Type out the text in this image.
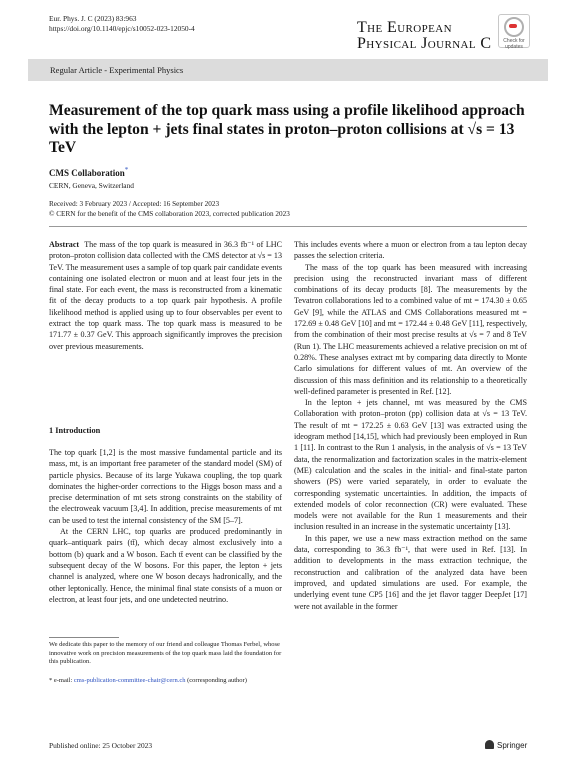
Eur. Phys. J. C (2023) 83:963
https://doi.org/10.1140/epjc/s10052-023-12050-4	The European
Physical Journal C	Check for updates
Regular Article - Experimental Physics
Measurement of the top quark mass using a profile likelihood approach with the lepton + jets final states in proton–proton collisions at √s = 13 TeV
CMS Collaboration*
CERN, Geneva, Switzerland
Received: 3 February 2023 / Accepted: 16 September 2023
© CERN for the benefit of the CMS collaboration 2023, corrected publication 2023

Abstract The mass of the top quark is measured in 36.3 fb⁻¹ of LHC proton–proton collision data collected with the CMS detector at √s = 13 TeV. The measurement uses a sample of top quark pair candidate events containing one isolated electron or muon and at least four jets in the final state. For each event, the mass is reconstructed from a kinematic fit of the decay products to a top quark pair hypothesis. A profile likelihood method is applied using up to four observables per event to extract the top quark mass. The top quark mass is measured to be 171.77 ± 0.37 GeV. This approach significantly improves the precision over previous measurements.

1 Introduction

The top quark [1,2] is the most massive fundamental particle and its mass, mt, is an important free parameter of the standard model (SM) of particle physics. Because of its large Yukawa coupling, the top quark dominates the higher-order corrections to the Higgs boson mass and a precise determination of mt sets strong constraints on the stability of the electroweak vacuum [3,4]. In addition, precise measurements of mt can be used to test the internal consistency of the SM [5–7].

At the CERN LHC, top quarks are produced predominantly in quark–antiquark pairs (tt̄), which decay almost exclusively into a bottom (b) quark and a W boson. Each tt̄ event can be classified by the subsequent decay of the W bosons. For this paper, the lepton + jets channel is analyzed, where one W boson decays hadronically, and the other leptonically. Hence, the minimal final state consists of a muon or electron, at least four jets, and one undetected neutrino.

We dedicate this paper to the memory of our friend and colleague Thomas Ferbel, whose innovative work on precision measurements of the top quark mass laid the foundation for this publication.
* e-mail: cms-publication-committee-chair@cern.ch (corresponding author)

This includes events where a muon or electron from a tau lepton decay passes the selection criteria.

The mass of the top quark has been measured with increasing precision using the reconstructed invariant mass of different combinations of its decay products [8]. The measurements by the Tevatron collaborations led to a combined value of mt = 174.30 ± 0.65 GeV [9], while the ATLAS and CMS Collaborations measured mt = 172.69 ± 0.48 GeV [10] and mt = 172.44 ± 0.48 GeV [11], respectively, from the combination of their most precise results at √s = 7 and 8 TeV (Run 1). The LHC measurements achieved a relative precision on mt of 0.28%. These analyses extract mt by comparing data directly to Monte Carlo simulations for different values of mt. An overview of the discussion of this mass definition and its relationship to a theoretically well-defined parameter is presented in Ref. [12].

In the lepton + jets channel, mt was measured by the CMS Collaboration with proton–proton (pp) collision data at √s = 13 TeV. The result of mt = 172.25 ± 0.63 GeV [13] was extracted using the ideogram method [14,15], which had previously been employed in Run 1 [11]. In contrast to the Run 1 analysis, in the analysis of √s = 13 TeV data, the renormalization and factorization scales in the matrix-element (ME) calculation and the scales in the initial- and final-state parton showers (PS) were varied separately, in order to evaluate the corresponding systematic uncertainties. In addition, the impacts of extended models of color reconnection (CR) were evaluated. These models were not available for the Run 1 measurements and their inclusion resulted in an increase in the systematic uncertainty [13].

In this paper, we use a new mass extraction method on the same data, corresponding to 36.3 fb⁻¹, that were used in Ref. [13]. In addition to developments in the mass extraction technique, the reconstruction and calibration of the analyzed data have been improved, and updated simulations are used. For example, the underlying event tune CP5 [16] and the jet flavor tagger DeepJet [17] were not available in the former

Published online: 25 October 2023	Springer
